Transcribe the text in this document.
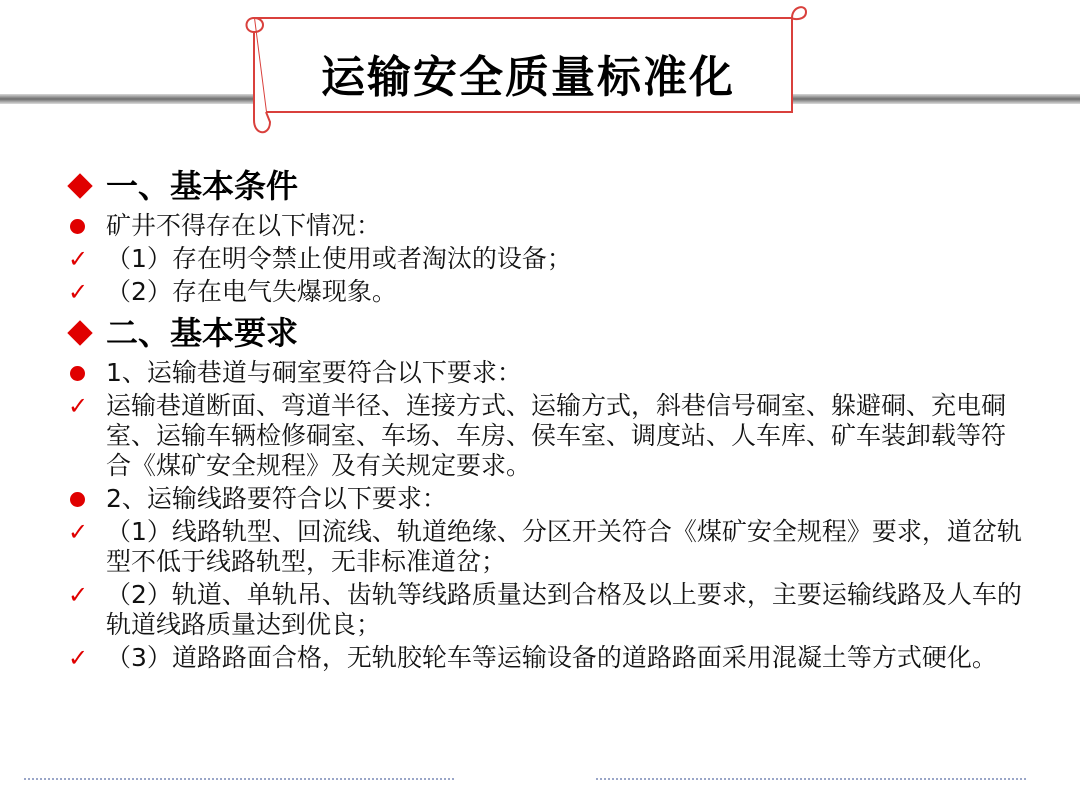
运输安全质量标准化
一、基本条件
矿井不得存在以下情况：
✓ （1）存在明令禁止使用或者淘汰的设备；
✓ （2）存在电气失爆现象。
二、基本要求
1、运输巷道与硐室要符合以下要求：
✓ 运输巷道断面、弯道半径、连接方式、运输方式，斜巷信号硐室、躲避硐、充电硐室、运输车辆检修硐室、车场、车房、侯车室、调度站、人车库、矿车装卸载等符合《煤矿安全规程》及有关规定要求。
2、运输线路要符合以下要求：
✓ （1）线路轨型、回流线、轨道绝缘、分区开关符合《煤矿安全规程》要求，道岔轨型不低于线路轨型，无非标准道岔；
✓ （2）轨道、单轨吊、齿轨等线路质量达到合格及以上要求，主要运输线路及人车的轨道线路质量达到优良；
✓ （3）道路路面合格，无轨胶轮车等运输设备的道路路面采用混凝土等方式硬化。
